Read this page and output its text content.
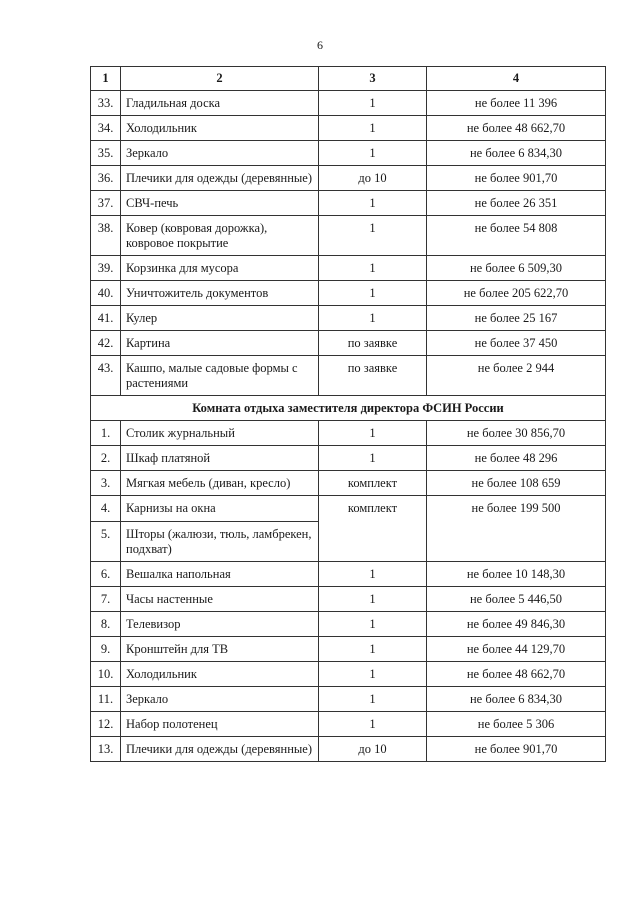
6
1	2	3	4
33.	Гладильная доска	1	не более 11 396
34.	Холодильник	1	не более 48 662,70
35.	Зеркало	1	не более 6 834,30
36.	Плечики для одежды (деревянные)	до 10	не более 901,70
37.	СВЧ-печь	1	не более 26 351
38.	Ковер (ковровая дорожка), ковровое покрытие	1	не более 54 808
39.	Корзинка для мусора	1	не более 6 509,30
40.	Уничтожитель документов	1	не более 205 622,70
41.	Кулер	1	не более 25 167
42.	Картина	по заявке	не более 37 450
43.	Кашпо, малые садовые формы с растениями	по заявке	не более 2 944
Комната отдыха заместителя директора ФСИН России			
1.	Столик журнальный	1	не более 30 856,70
2.	Шкаф платяной	1	не более 48 296
3.	Мягкая мебель (диван, кресло)	комплект	не более 108 659
4.	Карнизы на окна	комплект	не более 199 500
5.	Шторы (жалюзи, тюль, ламбрекен, подхват)		
6.	Вешалка напольная	1	не более 10 148,30
7.	Часы настенные	1	не более 5 446,50
8.	Телевизор	1	не более 49 846,30
9.	Кронштейн для ТВ	1	не более 44 129,70
10.	Холодильник	1	не более 48 662,70
11.	Зеркало	1	не более 6 834,30
12.	Набор полотенец	1	не более 5 306
13.	Плечики для одежды (деревянные)	до 10	не более 901,70
